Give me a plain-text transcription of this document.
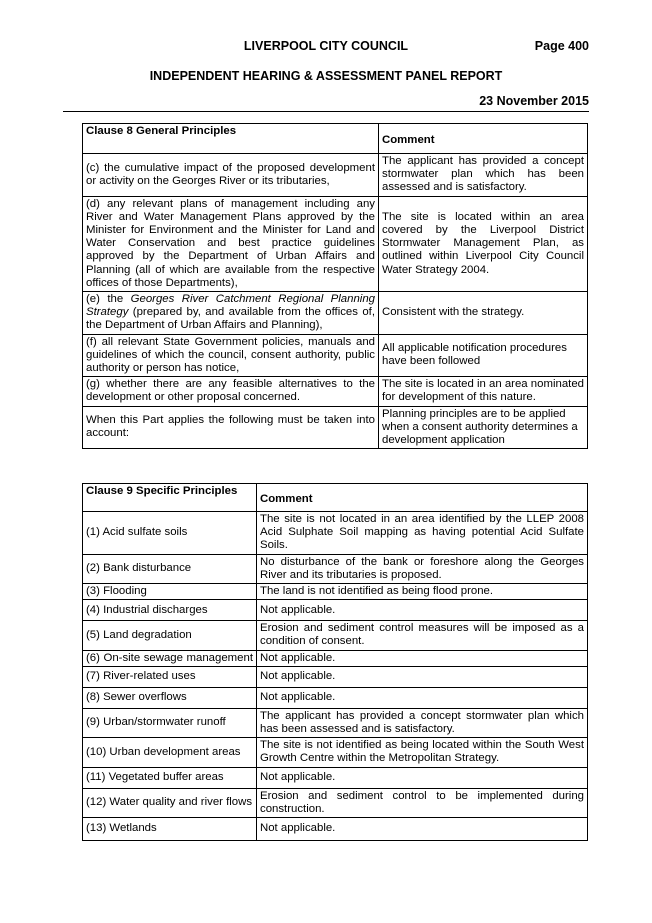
LIVERPOOL CITY COUNCIL	Page 400
INDEPENDENT HEARING & ASSESSMENT PANEL REPORT
23 November 2015
Clause 8 General Principles	Comment
(c) the cumulative impact of the proposed development or activity on the Georges River or its tributaries,	The applicant has provided a concept stormwater plan which has been assessed and is satisfactory.
(d) any relevant plans of management including any River and Water Management Plans approved by the Minister for Environment and the Minister for Land and Water Conservation and best practice guidelines approved by the Department of Urban Affairs and Planning (all of which are available from the respective offices of those Departments),	The site is located within an area covered by the Liverpool District Stormwater Management Plan, as outlined within Liverpool City Council Water Strategy 2004.
(e) the Georges River Catchment Regional Planning Strategy (prepared by, and available from the offices of, the Department of Urban Affairs and Planning),	Consistent with the strategy.
(f) all relevant State Government policies, manuals and guidelines of which the council, consent authority, public authority or person has notice,	All applicable notification procedures have been followed
(g) whether there are any feasible alternatives to the development or other proposal concerned.	The site is located in an area nominated for development of this nature.
When this Part applies the following must be taken into account:	Planning principles are to be applied when a consent authority determines a development application
Clause 9 Specific Principles	Comment
(1) Acid sulfate soils	The site is not located in an area identified by the LLEP 2008 Acid Sulphate Soil mapping as having potential Acid Sulfate Soils.
(2) Bank disturbance	No disturbance of the bank or foreshore along the Georges River and its tributaries is proposed.
(3) Flooding	The land is not identified as being flood prone.
(4) Industrial discharges	Not applicable.
(5) Land degradation	Erosion and sediment control measures will be imposed as a condition of consent.
(6) On-site sewage management	Not applicable.
(7) River-related uses	Not applicable.
(8) Sewer overflows	Not applicable.
(9) Urban/stormwater runoff	The applicant has provided a concept stormwater plan which has been assessed and is satisfactory.
(10) Urban development areas	The site is not identified as being located within the South West Growth Centre within the Metropolitan Strategy.
(11) Vegetated buffer areas	Not applicable.
(12) Water quality and river flows	Erosion and sediment control to be implemented during construction.
(13) Wetlands	Not applicable.
